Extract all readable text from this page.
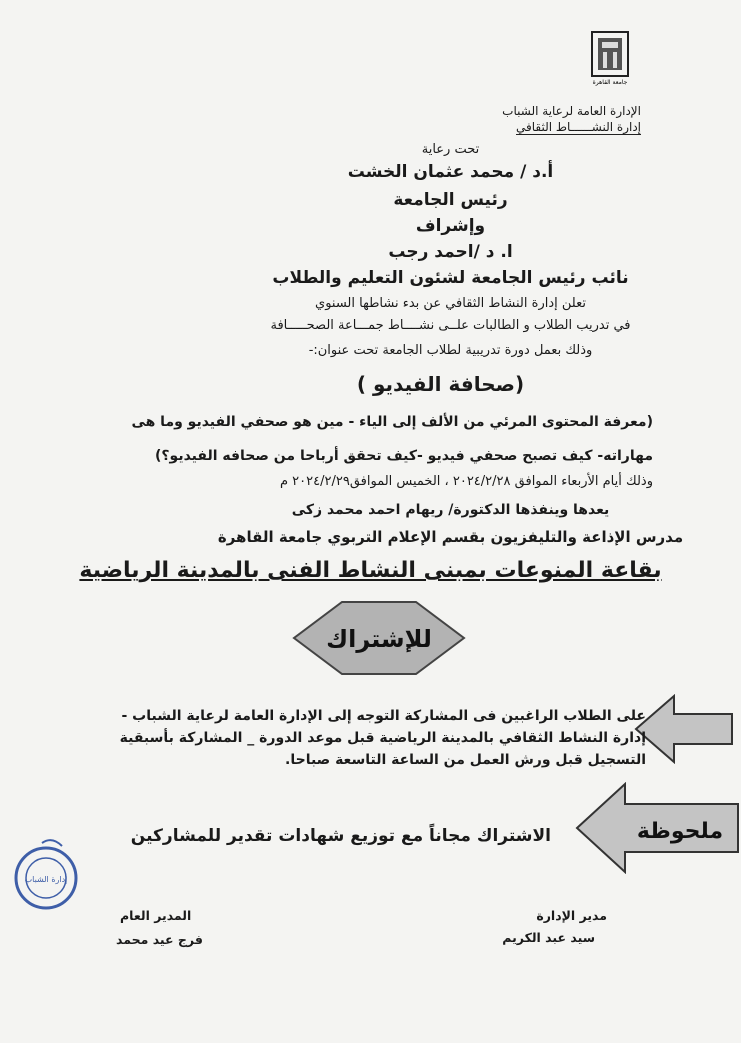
جامعة القاهرة
الإدارة العامة لرعاية الشباب
إدارة النشــــــاط الثقافي
تحت رعاية
أ.د / محمد عثمان الخشت
رئيس الجامعة
وإشراف
ا. د /احمد رجب
نائب رئيس الجامعة لشئون التعليم والطلاب
تعلن إدارة النشاط الثقافي عن بدء نشاطها السنوي
في تدريب الطلاب و الطالبات علــى نشــــاط جمـــاعة الصحـــــافة
وذلك بعمل دورة تدريبية لطلاب الجامعة تحت عنوان:-
(صحافة الفيديو )
(معرفة المحتوى المرئي من الألف إلى الياء - مين هو صحفي الفيديو وما هى
مهاراته- كيف تصبح صحفي فيديو -كيف تحقق أرباحا من صحافه الفيديو؟)
وذلك أيام الأربعاء الموافق ٢٠٢٤/٢/٢٨ ، الخميس الموافق٢٠٢٤/٢/٢٩ م
يعدها وينفذها الدكتورة/ ريهام احمد محمد زكى
مدرس الإذاعة والتليفزيون بقسم الإعلام التربوي جامعة القاهرة
بقاعة المنوعات بمبنى النشاط الفنى بالمدينة الرياضية
للإشتراك
على الطلاب الراغبين فى المشاركة التوجه إلى الإدارة العامة لرعاية الشباب -
إدارة النشاط الثقافي بالمدينة الرياضية قبل موعد الدورة _ المشاركة بأسبقية
التسجيل قبل ورش العمل من الساعة التاسعة صباحا.
ملحوظة
الاشتراك مجاناً مع توزيع شهادات تقدير للمشاركين
إدارة الشباب
مدير الإدارة
سيد عبد الكريم
المدير العام
فرج عيد محمد
